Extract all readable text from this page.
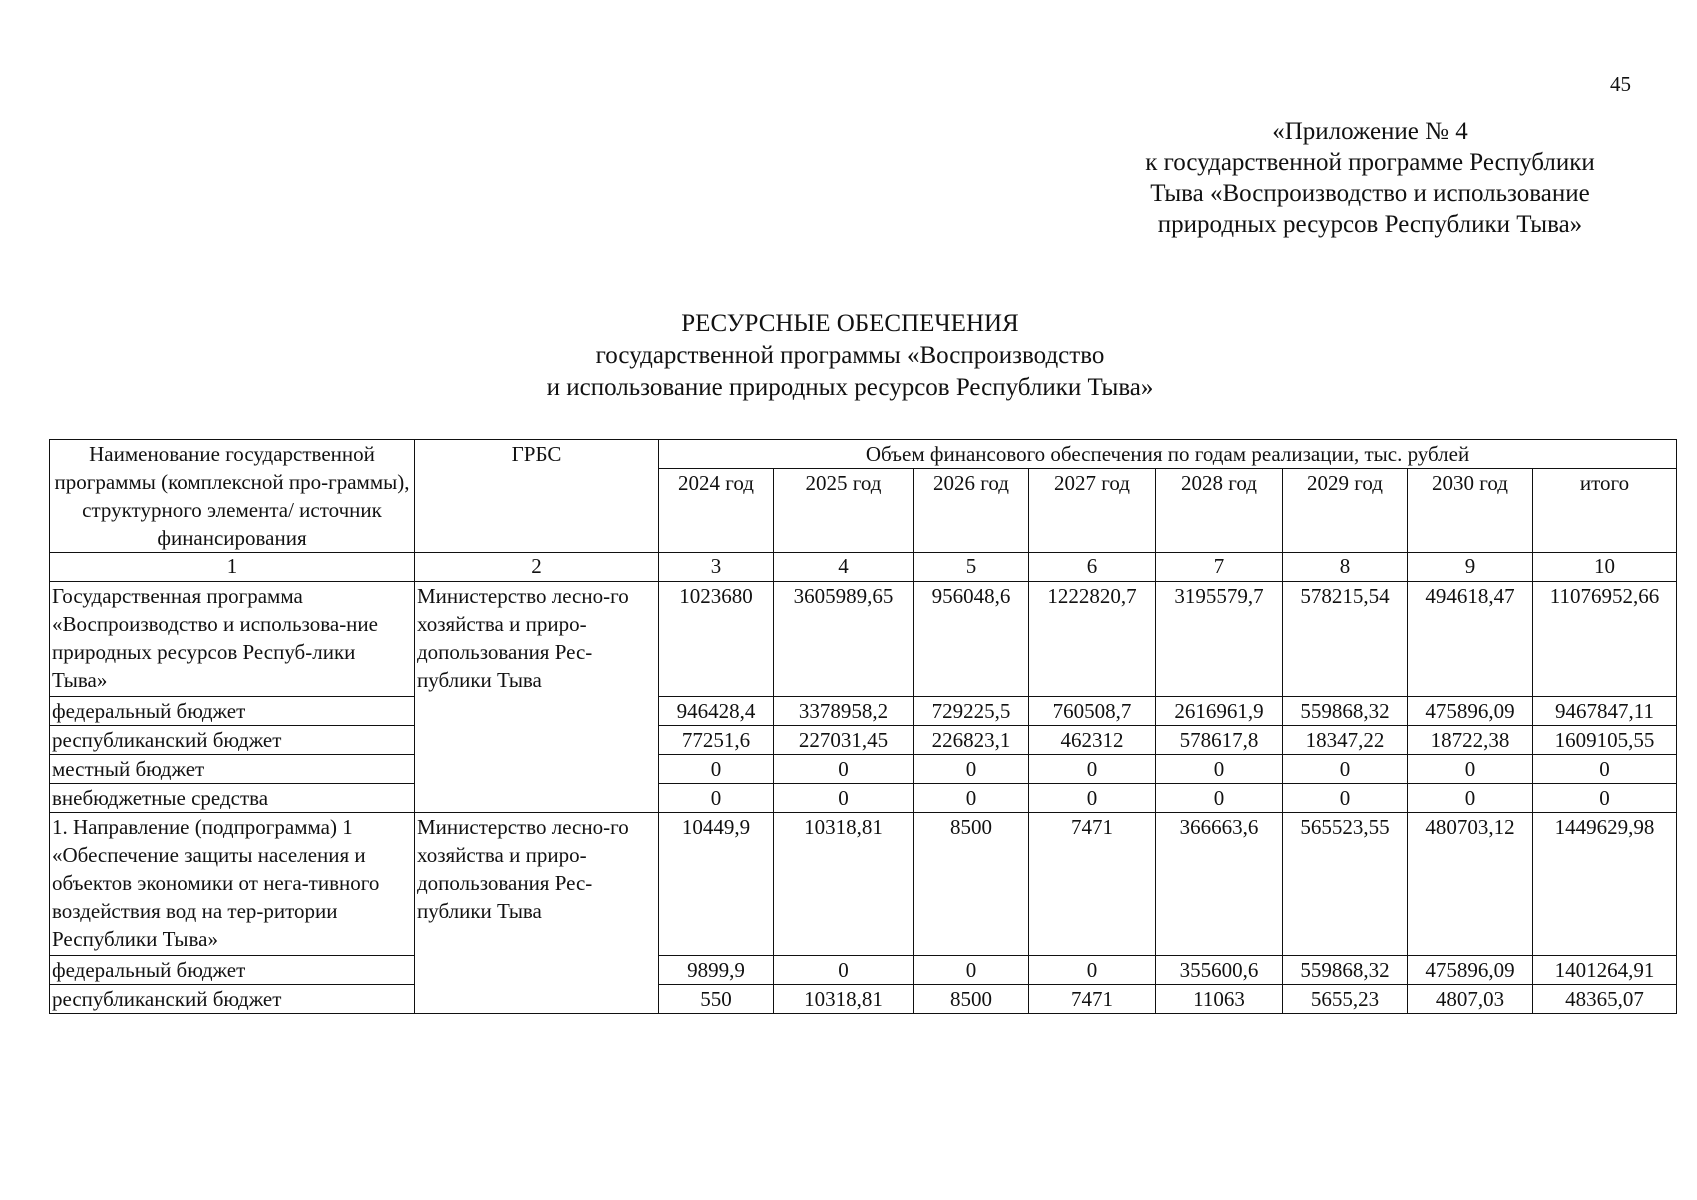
45
«Приложение № 4
к государственной программе Республики
Тыва «Воспроизводство и использование
природных ресурсов Республики Тыва»
РЕСУРСНЫЕ ОБЕСПЕЧЕНИЯ
государственной программы «Воспроизводство
и использование природных ресурсов Республики Тыва»
Наименование государственной программы (комплексной про-граммы), структурного элемента/ источник финансирования	ГРБС	Объем финансового обеспечения по годам реализации, тыс. рублей							
		2024 год	2025 год	2026 год	2027 год	2028 год	2029 год	2030 год	итого
1	2	3	4	5	6	7	8	9	10
Государственная программа «Воспроизводство и использова-ние природных ресурсов Респуб-лики Тыва»	Министерство лесно-го хозяйства и приро-допользования Рес-публики Тыва	1023680	3605989,65	956048,6	1222820,7	3195579,7	578215,54	494618,47	11076952,66
федеральный бюджет		946428,4	3378958,2	729225,5	760508,7	2616961,9	559868,32	475896,09	9467847,11
республиканский бюджет		77251,6	227031,45	226823,1	462312	578617,8	18347,22	18722,38	1609105,55
местный бюджет		0	0	0	0	0	0	0	0
внебюджетные средства		0	0	0	0	0	0	0	0
1. Направление (подпрограмма) 1 «Обеспечение защиты населения и объектов экономики от нега-тивного воздействия вод на тер-ритории Республики Тыва»	Министерство лесно-го хозяйства и приро-допользования Рес-публики Тыва	10449,9	10318,81	8500	7471	366663,6	565523,55	480703,12	1449629,98
федеральный бюджет		9899,9	0	0	0	355600,6	559868,32	475896,09	1401264,91
республиканский бюджет		550	10318,81	8500	7471	11063	5655,23	4807,03	48365,07
